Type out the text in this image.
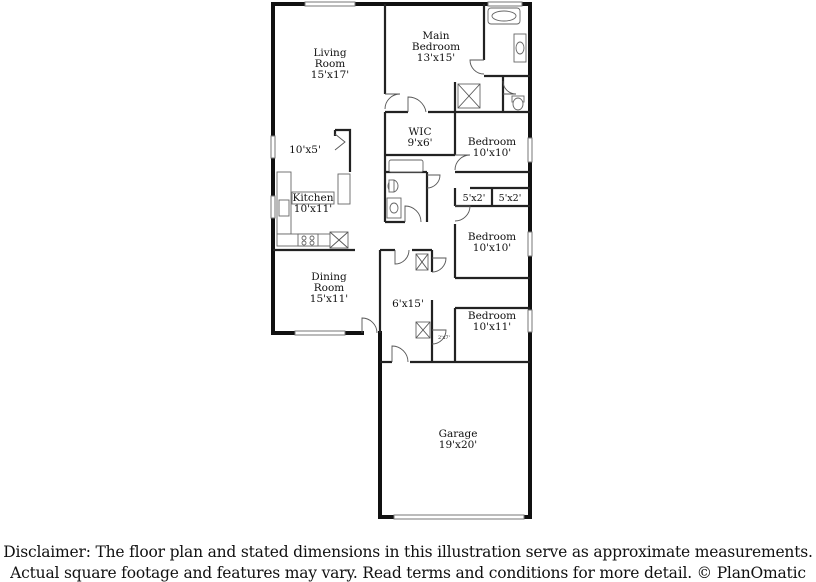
Main
Bedroom
13'x15'
Living
Room
15'x17'
WIC
9'x6'	Bedroom
10'x10'
10'x5'
Kitchen
10'x11'
5'x2' 5'x2'
Bedroom
10'x10'
Dining
Room
15'x11'	6'x15'
Bedroom
10'x11'
2'x7'
Garage
19'x20'
Disclaimer: The floor plan and stated dimensions in this illustration serve as approximate measurements.
Actual square footage and features may vary. Read terms and conditions for more detail. © PlanOmatic
